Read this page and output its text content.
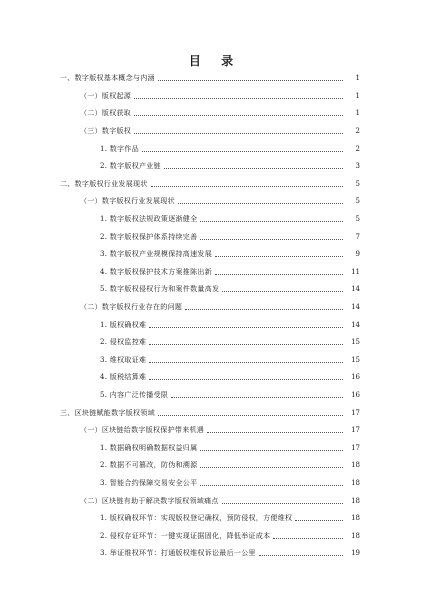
目 录
一、数字版权基本概念与内涵	1
（一）版权起源	1
（二）版权获取	1
（三）数字版权	2
1. 数字作品	2
2. 数字版权产业链	3
二、数字版权行业发展现状	5
（一）数字版权行业发展现状	5
1. 数字版权法规政策逐渐健全	5
2. 数字版权保护体系持续完善	7
3. 数字版权产业规模保持高速发展	9
4. 数字版权保护技术方案推陈出新	11
5. 数字版权侵权行为和案件数量高发	14
（二）数字版权行业存在的问题	14
1. 版权确权难	14
2. 侵权监控难	15
3. 维权取证难	15
4. 版税结算难	16
5. 内容广泛传播受限	16
三、区块链赋能数字版权领域	17
（一）区块链给数字版权保护带来机遇	17
1. 数据确权明确数据权益归属	17
2. 数据不可篡改，防伪和溯源	18
3. 智能合约保障交易安全公平	18
（二）区块链有助于解决数字版权领域痛点	18
1. 版权确权环节：实现版权登记确权，预防侵权，方便维权	18
2. 侵权存证环节：一键实现证据固化，降低举证成本	18
3. 举证维权环节：打通版权维权诉讼最后一公里	19
